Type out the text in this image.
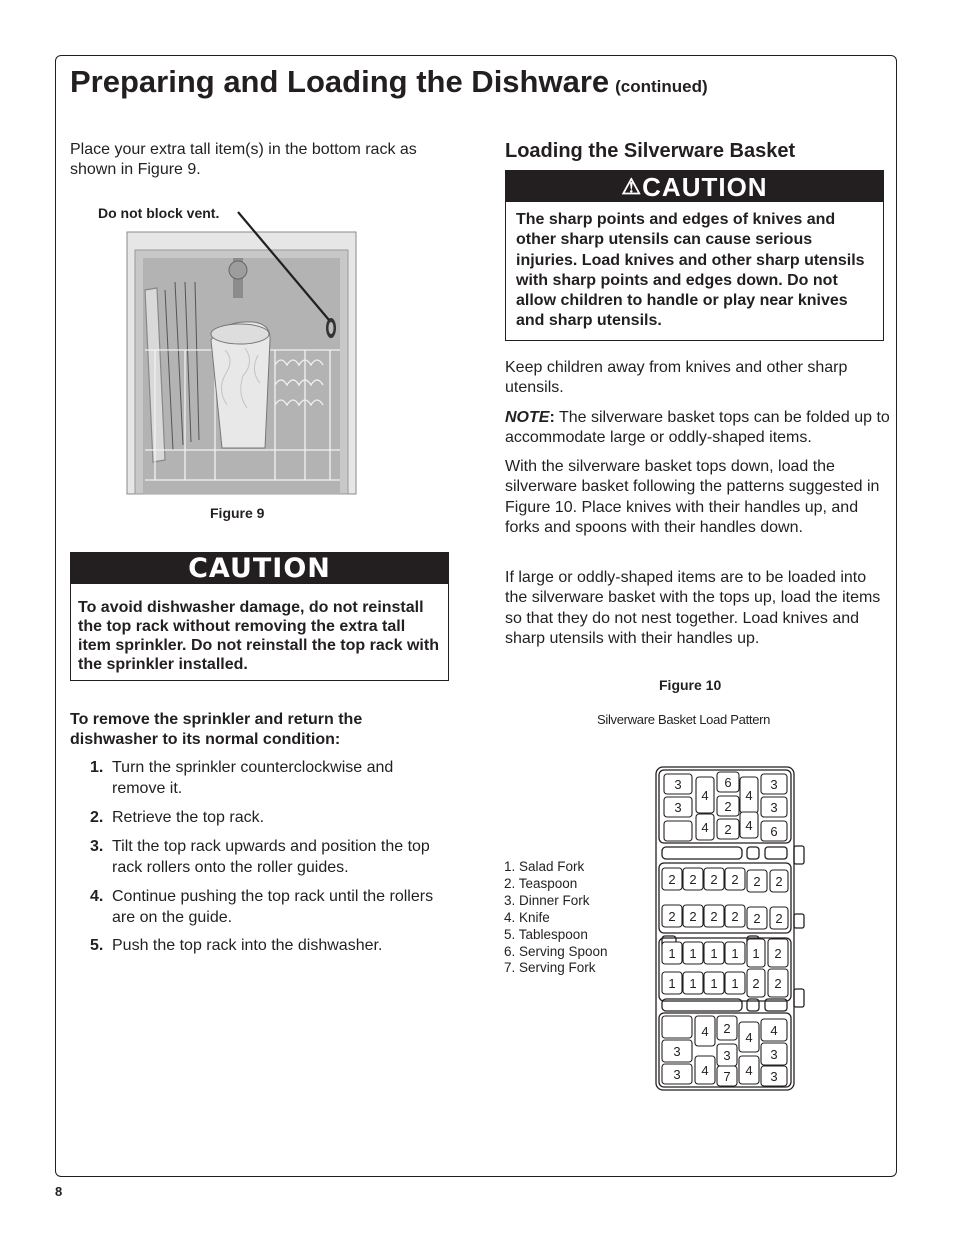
Preparing and Loading the Dishware (continued)
Place your extra tall item(s) in the bottom rack as shown in Figure 9.
Do not block vent.
Figure 9
CAUTION
To avoid dishwasher damage, do not reinstall the top rack without removing the extra tall item sprinkler. Do not reinstall the top rack with the sprinkler installed.
To remove the sprinkler and return the dishwasher to its normal condition:
1. Turn the sprinkler counterclockwise and remove it.
2. Retrieve the top rack.
3. Tilt the top rack upwards and position the top rack rollers onto the roller guides.
4. Continue pushing the top rack until the rollers are on the guide.
5. Push the top rack into the dishwasher.
Loading the Silverware Basket
⚠CAUTION
The sharp points and edges of knives and other sharp utensils can cause serious injuries. Load knives and other sharp utensils with sharp points and edges down. Do not allow children to handle or play near knives and sharp utensils.
Keep children away from knives and other sharp utensils.
NOTE: The silverware basket tops can be folded up to accommodate large or oddly-shaped items.
With the silverware basket tops down, load the silverware basket following the patterns suggested in Figure 10. Place knives with their handles up, and forks and spoons with their handles down.
If large or oddly-shaped items are to be loaded into the silverware basket with the tops up, load the items so that they do not nest together. Load knives and sharp utensils with their handles up.
Figure 10
Silverware Basket Load Pattern
1. Salad Fork
2. Teaspoon
3. Dinner Fork
4. Knife
5. Tablespoon
6. Serving Spoon
7. Serving Fork
3
3
4
4
6
2
2
4
4
3
3
6
2 2 2 2 2 2
2 2 2 2 2 2
1 1 1 1 1 2
1 1 1 1 2 2
4 2
4 4
3	3	3
3 4 7 4 3
8
